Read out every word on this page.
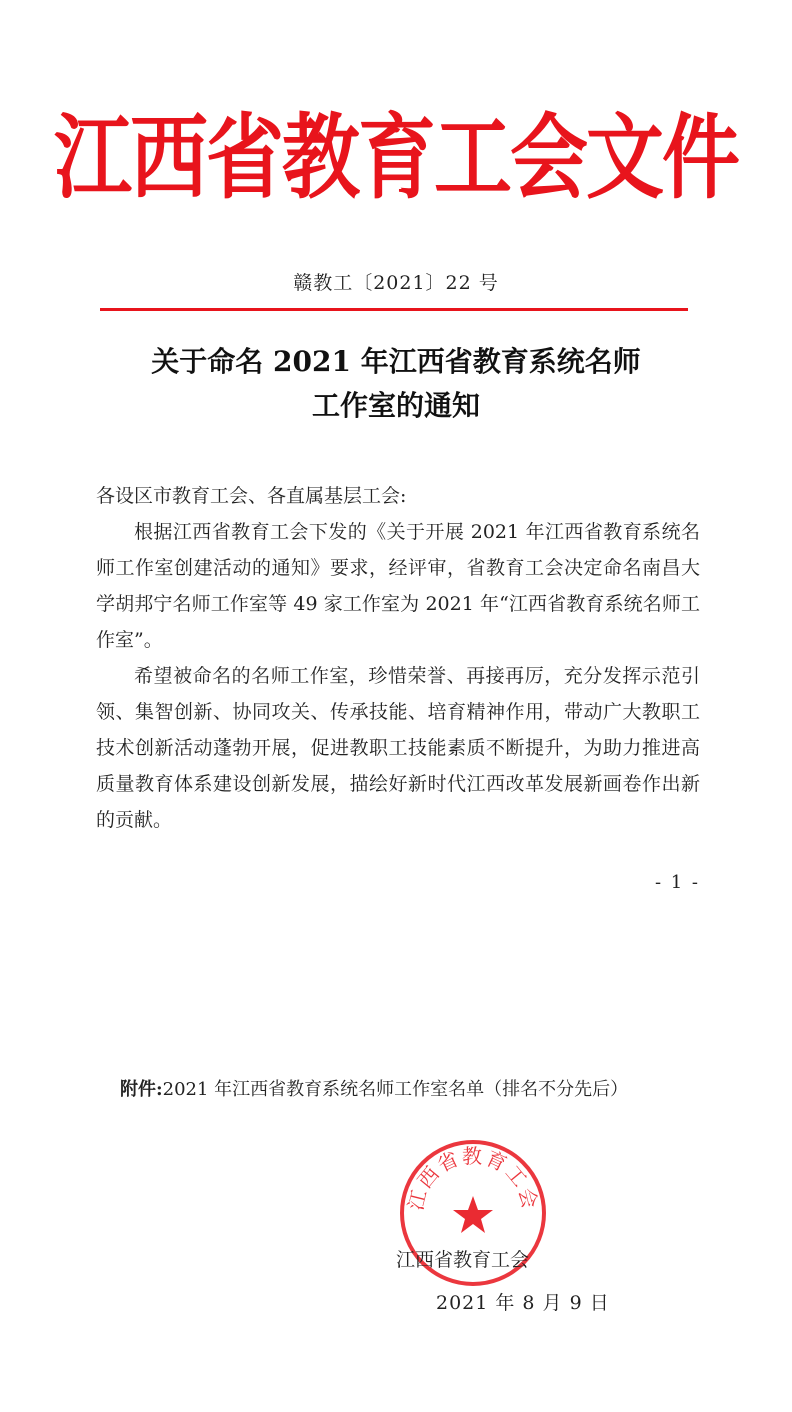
江西省教育工会文件
赣教工〔2021〕22 号
关于命名 2021 年江西省教育系统名师
工作室的通知

各设区市教育工会、各直属基层工会:

根据江西省教育工会下发的《关于开展 2021 年江西省教育系统名师工作室创建活动的通知》要求，经评审，省教育工会决定命名南昌大学胡邦宁名师工作室等 49 家工作室为 2021 年“江西省教育系统名师工作室”。

希望被命名的名师工作室，珍惜荣誉、再接再厉，充分发挥示范引领、集智创新、协同攻关、传承技能、培育精神作用，带动广大教职工技术创新活动蓬勃开展，促进教职工技能素质不断提升，为助力推进高质量教育体系建设创新发展，描绘好新时代江西改革发展新画卷作出新的贡献。

- 1 -
附件:2021 年江西省教育系统名师工作室名单（排名不分先后）
江西省教育工会
江西省教育工会
2021 年 8 月 9 日
